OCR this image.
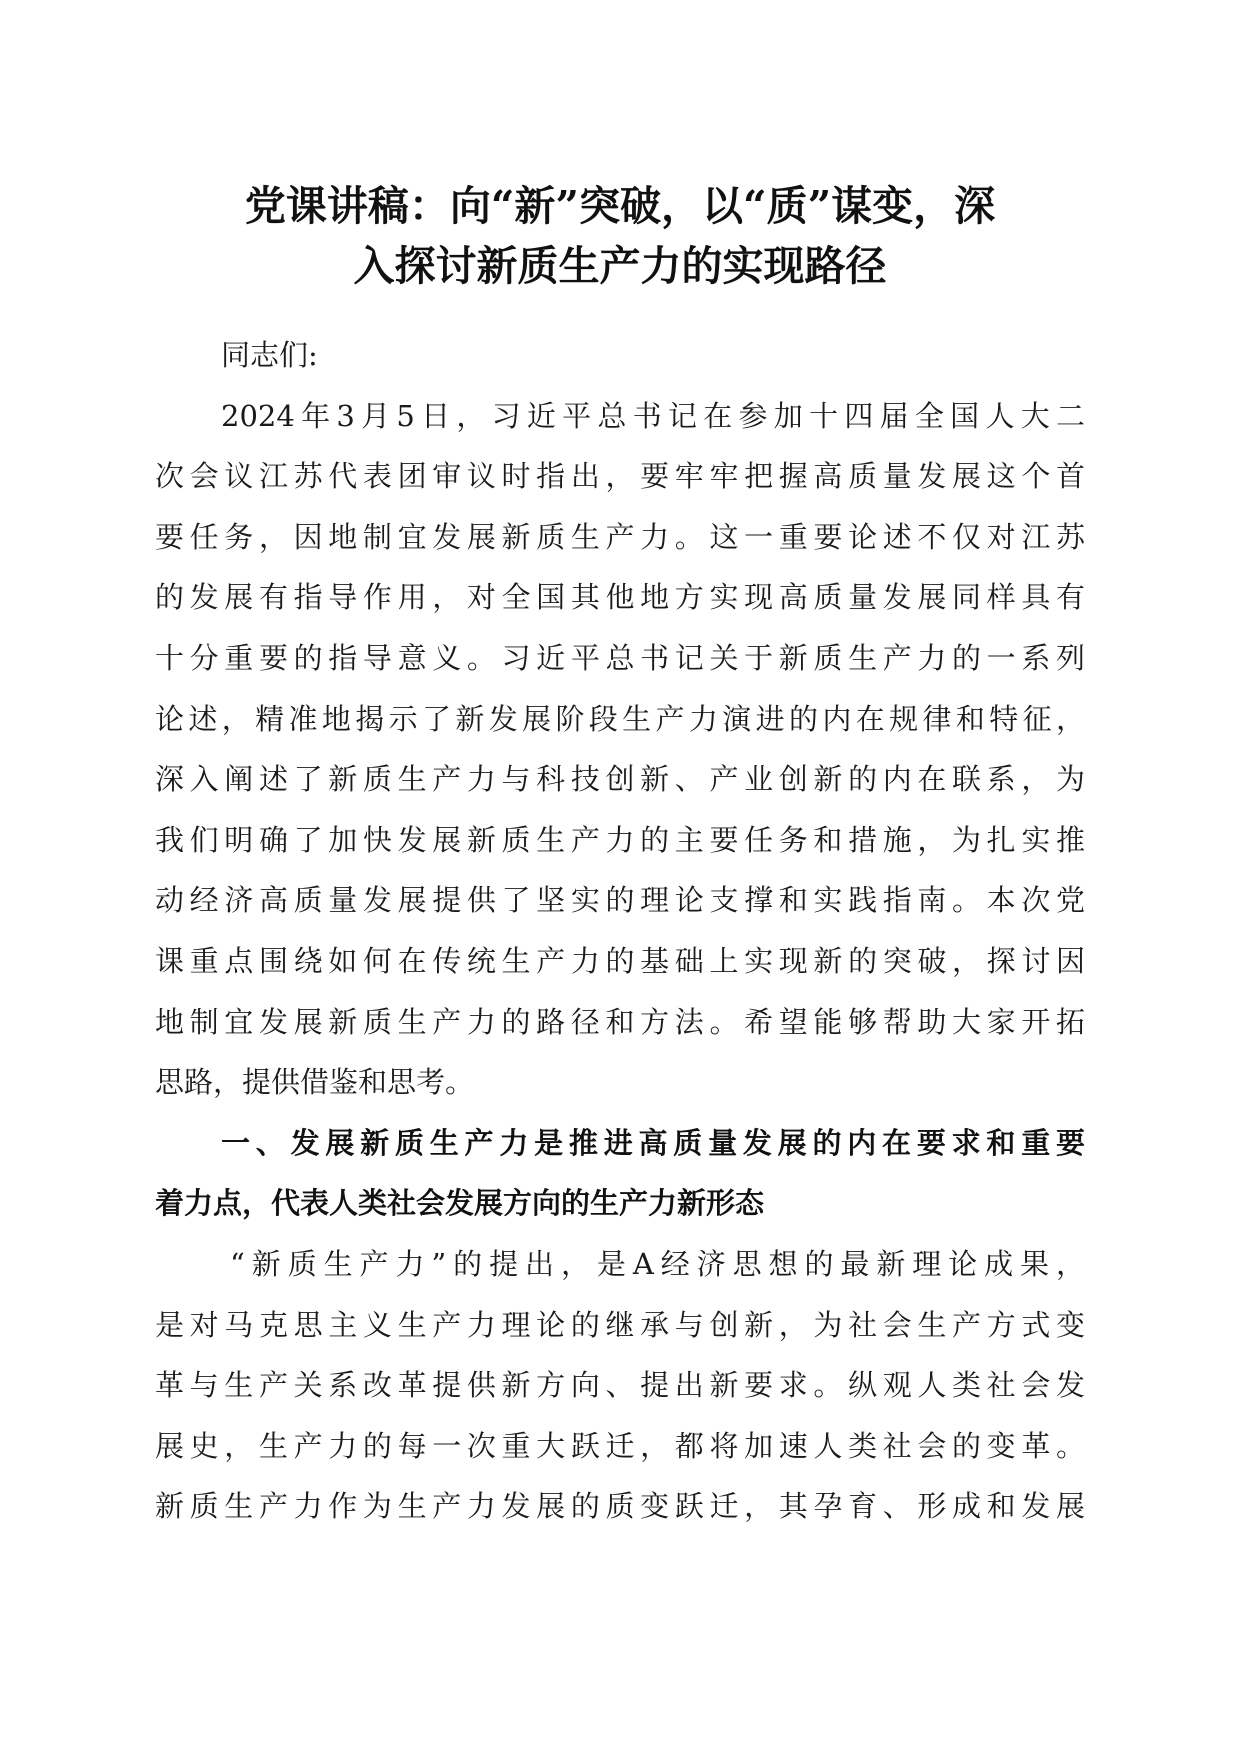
党课讲稿：向“新”突破，以“质”谋变，深
入探讨新质生产力的实现路径
同志们:
2024年3月5日，习近平总书记在参加十四届全国人大二
次会议江苏代表团审议时指出，要牢牢把握高质量发展这个首
要任务，因地制宜发展新质生产力。这一重要论述不仅对江苏
的发展有指导作用，对全国其他地方实现高质量发展同样具有
十分重要的指导意义。习近平总书记关于新质生产力的一系列
论述，精准地揭示了新发展阶段生产力演进的内在规律和特征，
深入阐述了新质生产力与科技创新、产业创新的内在联系，为
我们明确了加快发展新质生产力的主要任务和措施，为扎实推
动经济高质量发展提供了坚实的理论支撑和实践指南。本次党
课重点围绕如何在传统生产力的基础上实现新的突破，探讨因
地制宜发展新质生产力的路径和方法。希望能够帮助大家开拓
思路，提供借鉴和思考。
一、发展新质生产力是推进高质量发展的内在要求和重要
着力点，代表人类社会发展方向的生产力新形态
“新质生产力”的提出，是A经济思想的最新理论成果，
是对马克思主义生产力理论的继承与创新，为社会生产方式变
革与生产关系改革提供新方向、提出新要求。纵观人类社会发
展史，生产力的每一次重大跃迁，都将加速人类社会的变革。
新质生产力作为生产力发展的质变跃迁，其孕育、形成和发展
